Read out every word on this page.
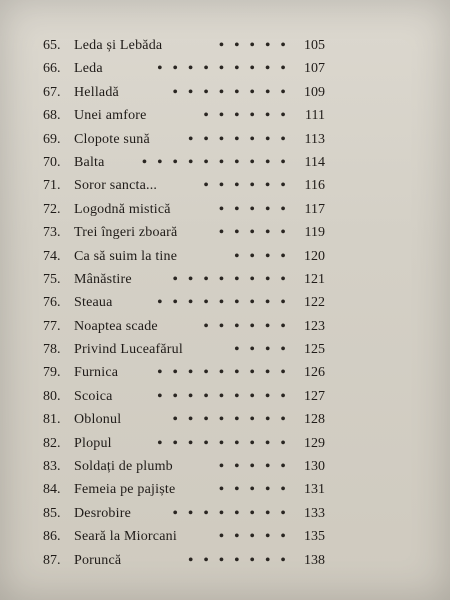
65. Leda și Lebăda	• • • • •	105
66. Leda	• • • • • • • • •	107
67. Helladă	• • • • • • • •	109
68. Unei amfore	• • • • • •	111
69. Clopote sună	• • • • • • •	113
70. Balta	• • • • • • • • • •	114
71. Soror sancta...	• • • • • •	116
72. Logodnă mistică	• • • • •	117
73. Trei îngeri zboară	• • • • •	119
74. Ca să suim la tine	• • • •	120
75. Mânăstire	• • • • • • • •	121
76. Steaua	• • • • • • • • •	122
77. Noaptea scade	• • • • • •	123
78. Privind Luceafărul	• • • •	125
79. Furnica	• • • • • • • • •	126
80. Scoica	• • • • • • • • •	127
81. Oblonul	• • • • • • • •	128
82. Plopul	• • • • • • • • •	129
83. Soldați de plumb	• • • • •	130
84. Femeia pe pajiște	• • • • •	131
85. Desrobire	• • • • • • • •	133
86. Seară la Miorcani	• • • • •	135
87. Poruncă	• • • • • • •	138
